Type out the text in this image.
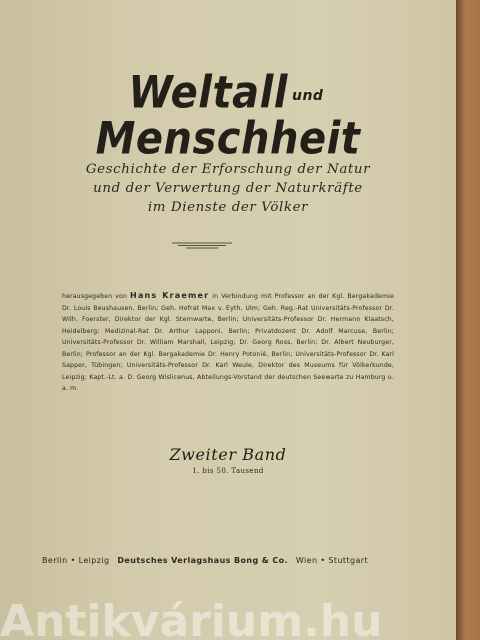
Weltall undMenschheit
Geschichte der Erforschung der Natur
und der Verwertung der Naturkräfte
im Dienste der Völker
herausgegeben von Hans Kraemer in Verbindung mit Professor an der Kgl. Bergakademie Dr. Louis Beushausen, Berlin; Geh. Hofrat Max v. Eyth, Ulm; Geh. Reg.-Rat Universitäts-Professor Dr. Wilh. Foerster, Direktor der Kgl. Sternwarte, Berlin; Universitäts-Professor Dr. Hermann Klaatsch, Heidelberg; Medizinal-Rat Dr. Arthur Lapponi, Berlin; Privatdozent Dr. Adolf Marcuse, Berlin; Universitäts-Professor Dr. William Marshall, Leipzig; Dr. Georg Ross, Berlin; Dr. Albert Neuburger, Berlin; Professor an der Kgl. Bergakademie Dr. Henry Potonié, Berlin; Universitäts-Professor Dr. Karl Sapper, Tübingen; Universitäts-Professor Dr. Karl Weule, Direktor des Museums für Völkerkunde, Leipzig; Kapt.-Lt. a. D. Georg Wislicenus, Abteilungs-Vorstand der deutschen Seewarte zu Hamburg u. a. m.
Zweiter Band
1. bis 50. Tausend
Berlin • Leipzig Deutsches Verlagshaus Bong & Co. Wien • Stuttgart
Antikvárium.hu
